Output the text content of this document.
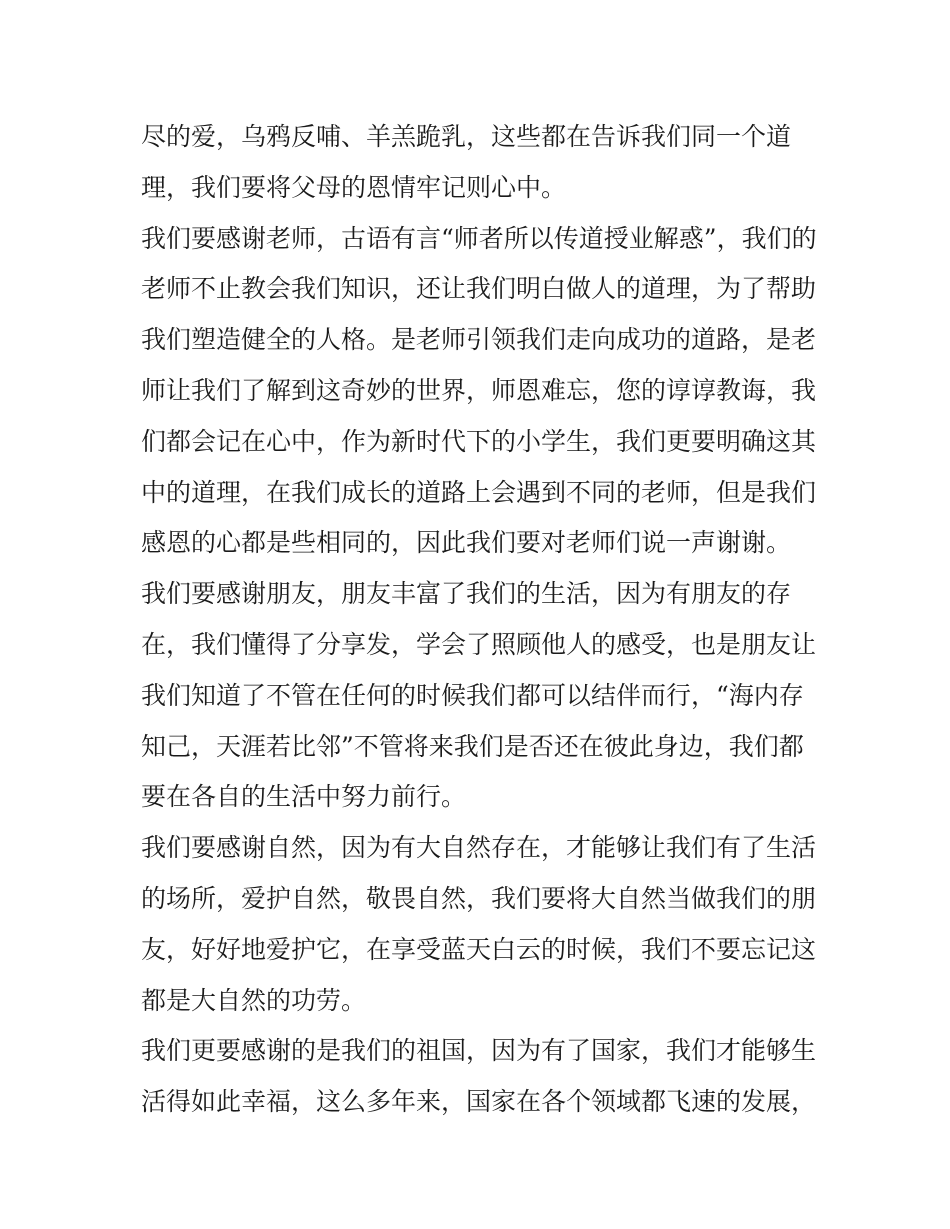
尽的爱，乌鸦反哺、羊羔跪乳，这些都在告诉我们同一个道
理，我们要将父母的恩情牢记则心中。
我们要感谢老师，古语有言“师者所以传道授业解惑”，我们的
老师不止教会我们知识，还让我们明白做人的道理，为了帮助
我们塑造健全的人格。是老师引领我们走向成功的道路，是老
师让我们了解到这奇妙的世界，师恩难忘，您的谆谆教诲，我
们都会记在心中，作为新时代下的小学生，我们更要明确这其
中的道理，在我们成长的道路上会遇到不同的老师，但是我们
感恩的心都是些相同的，因此我们要对老师们说一声谢谢。
我们要感谢朋友，朋友丰富了我们的生活，因为有朋友的存
在，我们懂得了分享发，学会了照顾他人的感受，也是朋友让
我们知道了不管在任何的时候我们都可以结伴而行，“海内存
知己，天涯若比邻”不管将来我们是否还在彼此身边，我们都
要在各自的生活中努力前行。
我们要感谢自然，因为有大自然存在，才能够让我们有了生活
的场所，爱护自然，敬畏自然，我们要将大自然当做我们的朋
友，好好地爱护它，在享受蓝天白云的时候，我们不要忘记这
都是大自然的功劳。
我们更要感谢的是我们的祖国，因为有了国家，我们才能够生
活得如此幸福，这么多年来，国家在各个领域都飞速的发展，
